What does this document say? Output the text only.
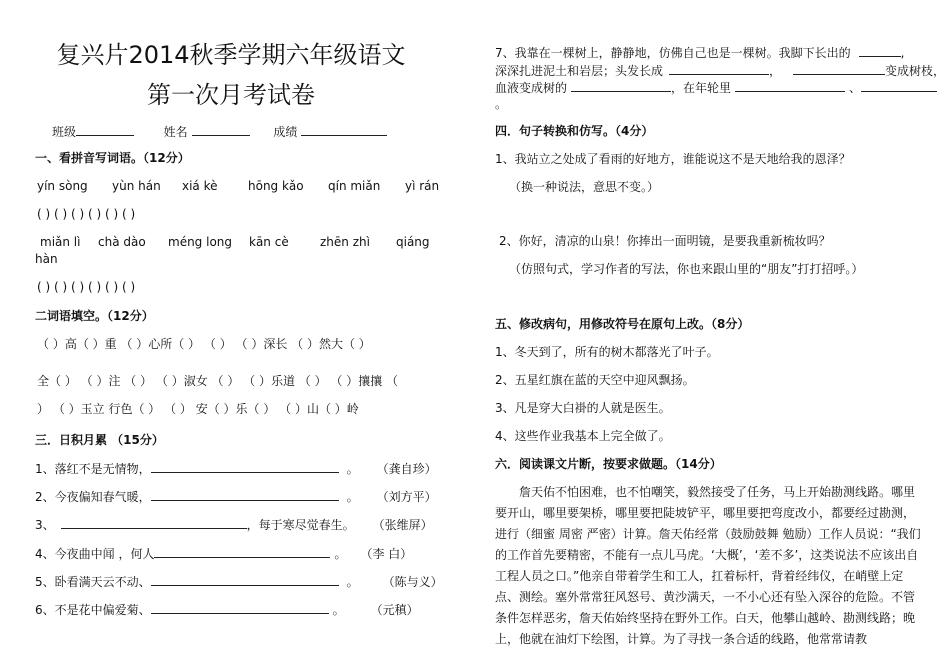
复兴片2014秋季学期六年级语文
第一次月考试卷
班级	姓名	成绩
一、看拼音写词语。（12分）
yín sòng yùn hán xiá kè	hōng kǎo qín miǎn yì rán
( ) ( ) ( ) ( ) ( ) ( )
miǎn lì chà dào méng long kān cè	zhēn zhì qiáng
hàn
( ) ( ) ( ) ( ) ( ) ( )
二词语填空。（12分）
（ ）高（ ）重 （ ）心所（ ） （ ） （ ）深长 （ ）然大（ ）
全（ ） （ ）注 （ ） （ ）淑女 （ ） （ ）乐道 （ ） （ ）攘攘 （
） （ ）玉立 行色（ ） （ ） 安（ ）乐（ ） （ ）山（ ）岭
三．日积月累 （15分）
1、落红不是无情物，	。 （龚自珍）
2、今夜偏知春气暖，	。 （刘方平）
3、	，每于寒尽觉春生。 （张维屏）
4、今夜曲中闻 ，何人	。 （李 白）
5、卧看满天云不动、	。 （陈与义）
6、不是花中偏爱菊、	。 （元稹）
7、我靠在一棵树上，静静地，仿佛自己也是一棵树。我脚下长出的	,
深深扎进泥土和岩层；头发长成	，	变成树枝，
血液变成树的	，在年轮里	、
。
四．句子转换和仿写。（4分）
1、我站立之处成了看雨的好地方，谁能说这不是天地给我的恩泽？
（换一种说法，意思不变。）
2、你好，清凉的山泉！你捧出一面明镜，是要我重新梳妆吗？
（仿照句式，学习作者的写法，你也来跟山里的“朋友”打打招呼。）
五、修改病句，用修改符号在原句上改。（8分）
1、冬天到了，所有的树木都落光了叶子。
2、五星红旗在蓝的天空中迎风飘扬。
3、凡是穿大白褂的人就是医生。
4、这些作业我基本上完全做了。
六．阅读课文片断，按要求做题。（14分）
詹天佑不怕困难，也不怕嘲笑，毅然接受了任务，马上开始勘测线路。哪里要开山，哪里要架桥，哪里要把陡坡铲平，哪里要把弯度改小，都要经过勘测，进行（细蜜 周密 严密）计算。詹天佑经常（鼓励鼓舞 勉励）工作人员说：“我们的工作首先要精密，不能有一点儿马虎。‘大概’，‘差不多’，这类说法不应该出自工程人员之口。”他亲自带着学生和工人，扛着标杆，背着经纬仪，在峭壁上定点、测绘。塞外常常狂风怒号、黄沙满天，一不小心还有坠入深谷的危险。不管条件怎样恶劣，詹天佑始终坚持在野外工作。白天，他攀山越岭、勘测线路；晚上，他就在油灯下绘图，计算。为了寻找一条合适的线路，他常常请教
